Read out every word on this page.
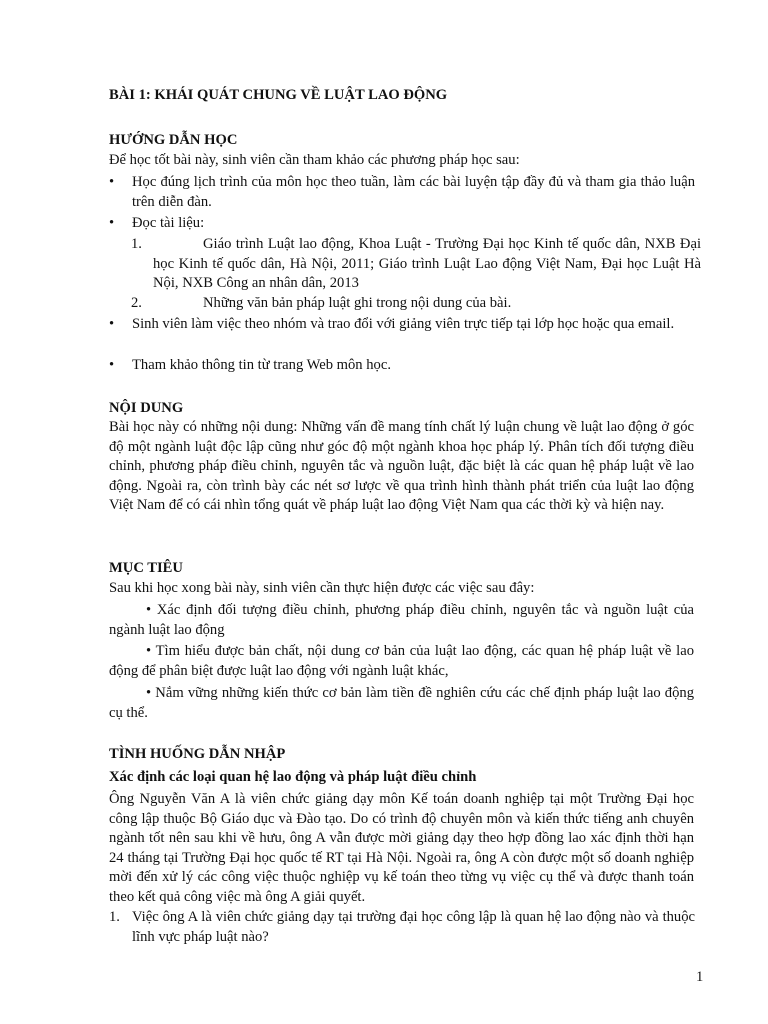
BÀI 1: KHÁI QUÁT CHUNG VỀ LUẬT LAO ĐỘNG
HƯỚNG DẪN HỌC
Để học tốt bài này, sinh viên cần tham khảo các phương pháp học sau:
•	Học đúng lịch trình của môn học theo tuần, làm các bài luyện tập đầy đủ và tham gia thảo luận trên diễn đàn.
•	Đọc tài liệu:
1.	Giáo trình Luật lao động, Khoa Luật - Trường Đại học Kinh tế quốc dân, NXB Đại học Kinh tế quốc dân, Hà Nội, 2011; Giáo trình Luật Lao động Việt Nam, Đại học Luật Hà Nội, NXB Công an nhân dân, 2013
2.	Những văn bản pháp luật ghi trong nội dung của bài.
•	Sinh viên làm việc theo nhóm và trao đổi với giảng viên trực tiếp tại lớp học hoặc qua email.
•	Tham khảo thông tin từ trang Web môn học.
NỘI DUNG
Bài học này có những nội dung: Những vấn đề mang tính chất lý luận chung về luật lao động ở góc độ một ngành luật độc lập cũng như góc độ một ngành khoa học pháp lý. Phân tích đối tượng điều chỉnh, phương pháp điều chỉnh, nguyên tắc và nguồn luật, đặc biệt là các quan hệ pháp luật về lao động. Ngoài ra, còn trình bày các nét sơ lược về qua trình hình thành phát triển của luật lao động Việt Nam để có cái nhìn tổng quát về pháp luật lao động Việt Nam qua các thời kỳ và hiện nay.
MỤC TIÊU
Sau khi học xong bài này, sinh viên cần thực hiện được các việc sau đây:
• Xác định đối tượng điều chỉnh, phương pháp điều chỉnh, nguyên tắc và nguồn luật của ngành luật lao động
• Tìm hiểu được bản chất, nội dung cơ bản của luật lao động, các quan hệ pháp luật về lao động để phân biệt được luật lao động với ngành luật khác,
• Nắm vững những kiến thức cơ bản làm tiền đề nghiên cứu các chế định pháp luật lao động cụ thể.
TÌNH HUỐNG DẪN NHẬP
Xác định các loại quan hệ lao động và pháp luật điều chỉnh
Ông Nguyễn Văn A là viên chức giảng dạy môn Kế toán doanh nghiệp tại một Trường Đại học công lập thuộc Bộ Giáo dục và Đào tạo. Do có trình độ chuyên môn và kiến thức tiếng anh chuyên ngành tốt nên sau khi về hưu, ông A vẫn được mời giảng dạy theo hợp đồng lao xác định thời hạn 24 tháng tại Trường Đại học quốc tế RT tại Hà Nội. Ngoài ra, ông A còn được một số doanh nghiệp mời đến xử lý các công việc thuộc nghiệp vụ kế toán theo từng vụ việc cụ thể và được thanh toán theo kết quả công việc mà ông A giải quyết.
1. Việc ông A là viên chức giảng dạy tại trường đại học công lập là quan hệ lao động nào và thuộc lĩnh vực pháp luật nào?
1
